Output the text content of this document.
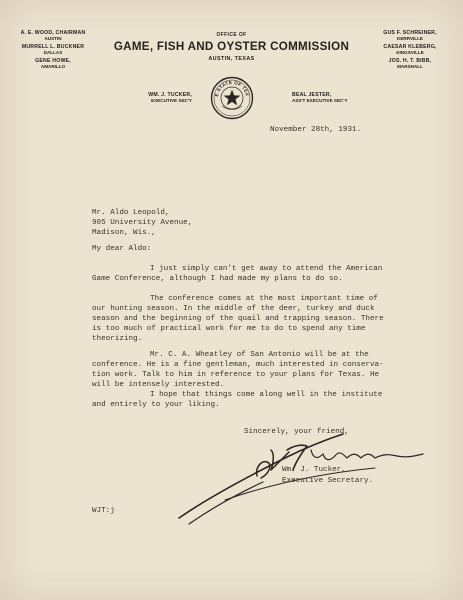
A. E. WOOD, CHAIRMAN
AUSTIN
MURRELL L. BUCKNER
DALLAS
GENE HOWE,
AMARILLO
GUS F. SCHREINER,
KERRVILLE
CAESAR KLEBERG,
KINGSVILLE
JOS. H. T. BIBB,
MARSHALL
OFFICE OF
GAME, FISH AND OYSTER COMMISSION
AUSTIN, TEXAS
WM. J. TUCKER,
EXECUTIVE SEC'Y
BEAL JESTER,
ASS'T EXECUTIVE SEC'Y
E STATE OF TEX
November 28th, 1931.
Mr. Aldo Leopold,
905 University Avenue,
Madison, Wis.,
My dear Aldo:
I just simply can't get away to attend the American
Game Conference, although I had made my plans to do so.
The conference comes at the most important time of
our hunting season. In the middle of the deer, turkey and duck
season and the beginning of the quail and trapping season. There
is too much of practical work for me to do to spend any time
theorizing.
Mr. C. A. Wheatley of San Antonio will be at the
conference. He is a fine gentleman, much interested in conserva-
tion work. Talk to him in reference to your plans for Texas. He
will be intensely interested.
I hope that things come along well in the institute
and entirely to your liking.
Sincerely, your friend,
Wm. J. Tucker,
Executive Secretary.
WJT:j
